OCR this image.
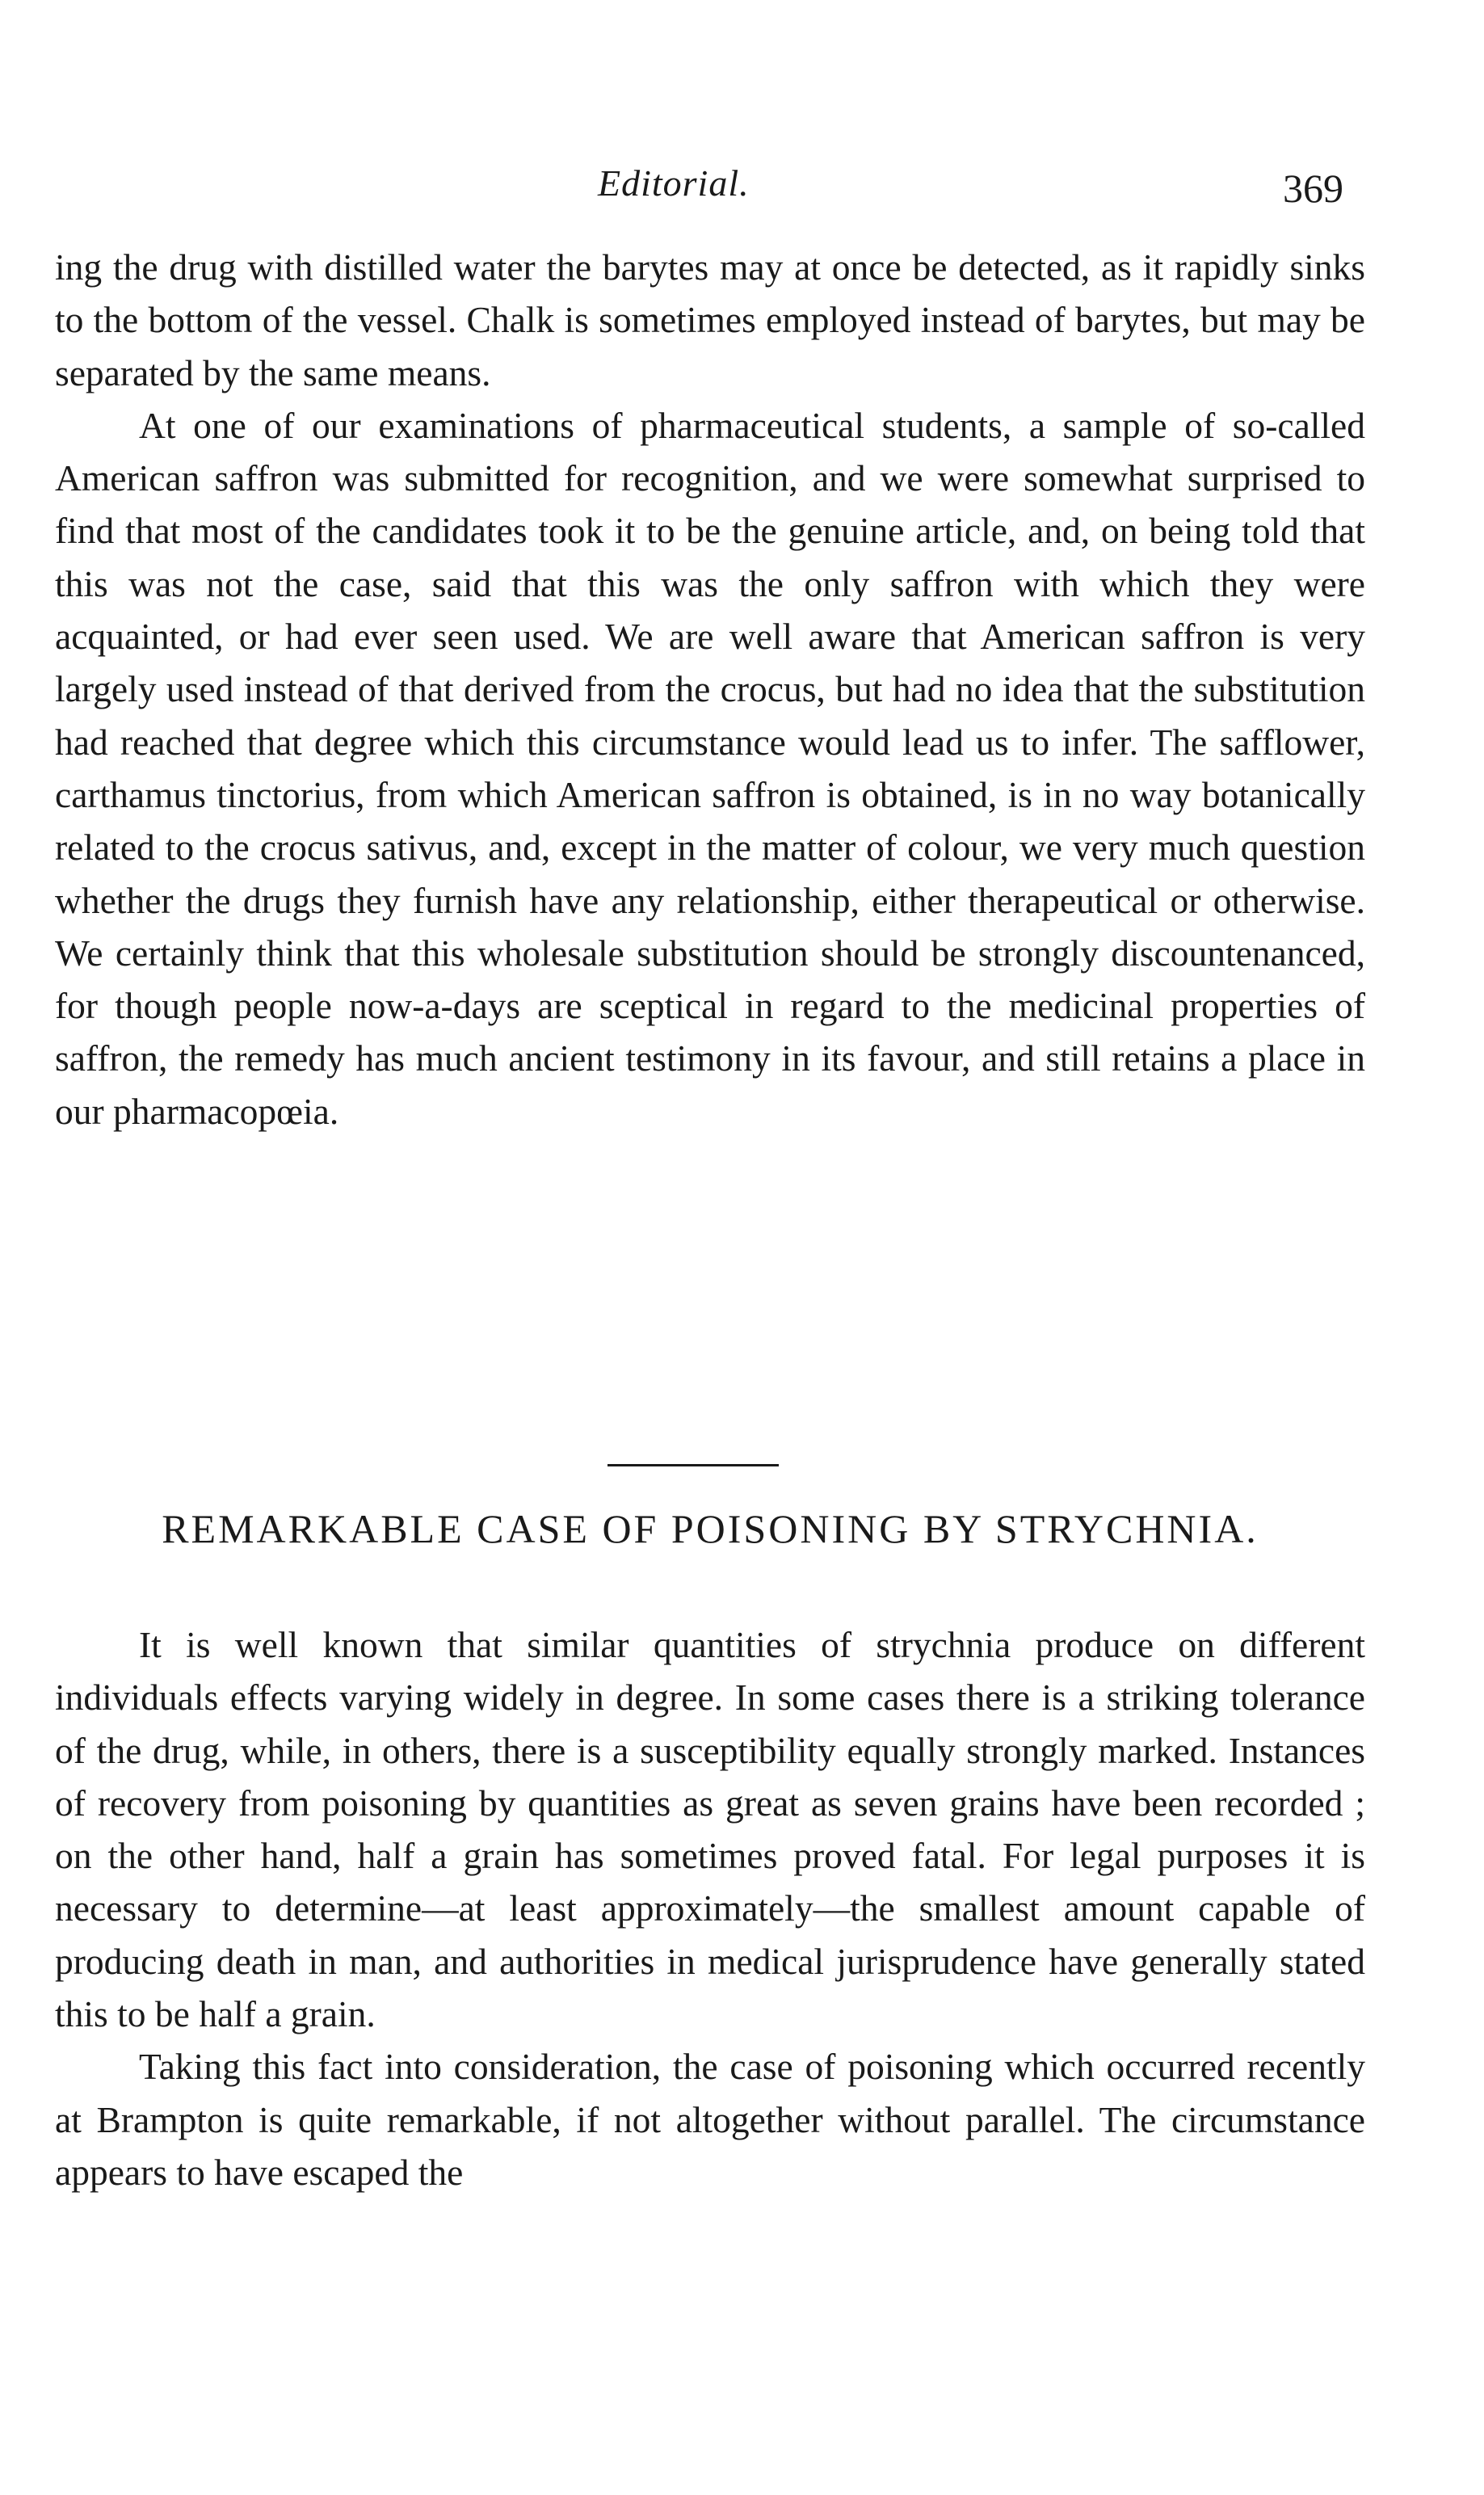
Editorial.	369

ing the drug with distilled water the barytes may at once be detected, as it rapidly sinks to the bottom of the vessel. Chalk is sometimes employed instead of barytes, but may be separated by the same means.

At one of our examinations of pharmaceutical students, a sample of so-called American saffron was submitted for recognition, and we were somewhat surprised to find that most of the candidates took it to be the genuine article, and, on being told that this was not the case, said that this was the only saffron with which they were acquainted, or had ever seen used. We are well aware that American saffron is very largely used instead of that derived from the crocus, but had no idea that the substitution had reached that degree which this circumstance would lead us to infer. The safflower, carthamus tinctorius, from which American saffron is obtained, is in no way botanically related to the crocus sativus, and, except in the matter of colour, we very much question whether the drugs they furnish have any relationship, either therapeutical or otherwise. We certainly think that this wholesale substitution should be strongly discountenanced, for though people now-a-days are sceptical in regard to the medicinal properties of saffron, the remedy has much ancient testimony in its favour, and still retains a place in our pharmacopœia.

REMARKABLE CASE OF POISONING BY STRYCHNIA.

It is well known that similar quantities of strychnia produce on different individuals effects varying widely in degree. In some cases there is a striking tolerance of the drug, while, in others, there is a susceptibility equally strongly marked. Instances of recovery from poisoning by quantities as great as seven grains have been recorded ; on the other hand, half a grain has sometimes proved fatal. For legal purposes it is necessary to determine—at least approximately—the smallest amount capable of producing death in man, and authorities in medical jurisprudence have generally stated this to be half a grain.

Taking this fact into consideration, the case of poisoning which occurred recently at Brampton is quite remarkable, if not altogether without parallel. The circumstance appears to have escaped the
